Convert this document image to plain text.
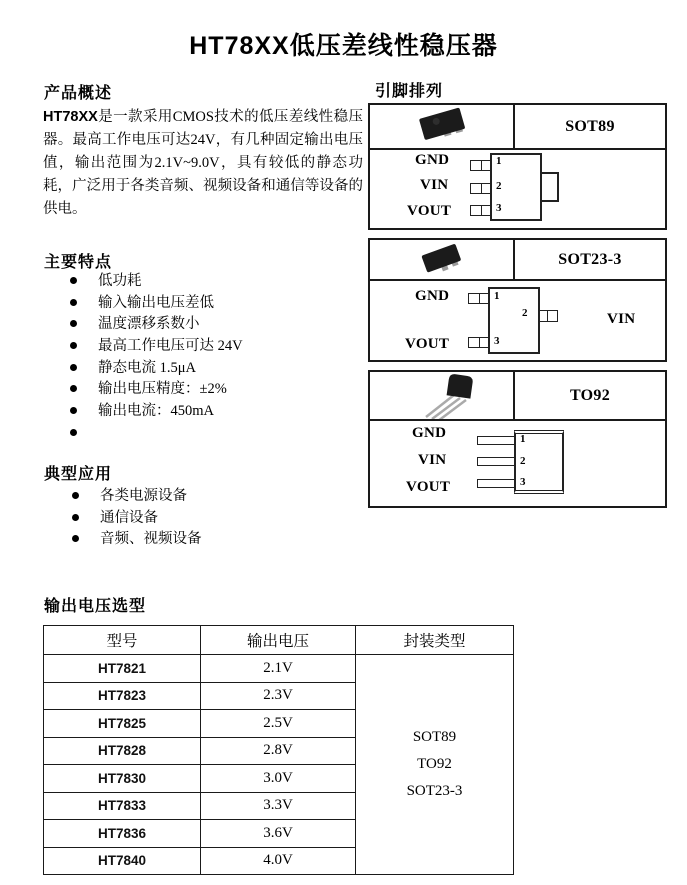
HT78XX低压差线性稳压器
产品概述
HT78XX是一款采用CMOS技术的低压差线性稳压器。最高工作电压可达24V，有几种固定输出电压值，输出范围为2.1V~9.0V，具有较低的静态功耗，广泛用于各类音频、视频设备和通信等设备的供电。
主要特点
低功耗
输入输出电压差低
温度漂移系数小
最高工作电压可达 24V
静态电流 1.5μA
输出电压精度：±2%
输出电流：450mA
典型应用
各类电源设备
通信设备
音频、视频设备
引脚排列
SOT89
GND
VIN
VOUT
1
2
3
SOT23-3
GND
VOUT
VIN
1
2
3
TO92
GND
VIN
VOUT
1
2
3
输出电压选型
型号	输出电压	封装类型
HT7821	2.1V	SOT89
TO92
SOT23-3

HT7823	2.3V	
HT7825	2.5V	
HT7828	2.8V	
HT7830	3.0V	
HT7833	3.3V	
HT7836	3.6V	
HT7840	4.0V	
